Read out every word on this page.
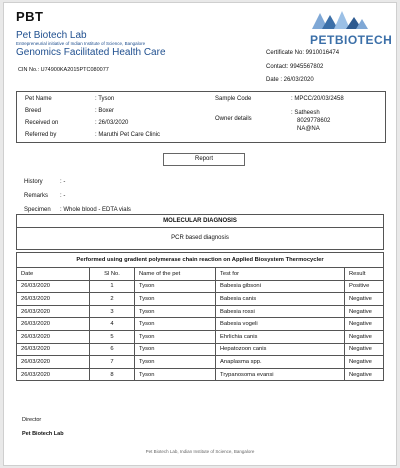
PBT
Pet Biotech Lab
Entrepreneurial initiative of Indian Institute of Science, Bangalore
Genomics Facilitated Health Care
CIN No.: U74900KA2015PTC080077
PETBIOTECH
Certificate No: 9910016474
Contact: 9945567802
Date : 26/03/2020
Pet Name	: Tyson
Breed	: Boxer
Received on	: 26/03/2020
Referred by	: Maruthi Pet Care Clinic
Sample Code	: MPCC/20/03/2458
Owner details
: Satheesh
8029778602
NA@NA
Report
History	: -
Remarks : -
Specimen : Whole blood - EDTA vials
MOLECULAR DIAGNOSIS
PCR based diagnosis
Performed using gradient polymerase chain reaction on Applied Biosystem Thermocycler				
Date	Sl No.	Name of the pet	Test for	Result
26/03/2020	1	Tyson	Babesia gibsoni	Positive
26/03/2020	2	Tyson	Babesia canis	Negative
26/03/2020	3	Tyson	Babesia rossi	Negative
26/03/2020	4	Tyson	Babesia vogeli	Negative
26/03/2020	5	Tyson	Ehrlichia canis	Negative
26/03/2020	6	Tyson	Hepatozoon canis	Negative
26/03/2020	7	Tyson	Anaplasma spp.	Negative
26/03/2020	8	Tyson	Trypanosoma evansi	Negative
Director
Pet Biotech Lab
Pet Biotech Lab, Indian Institute of Science, Bangalore
